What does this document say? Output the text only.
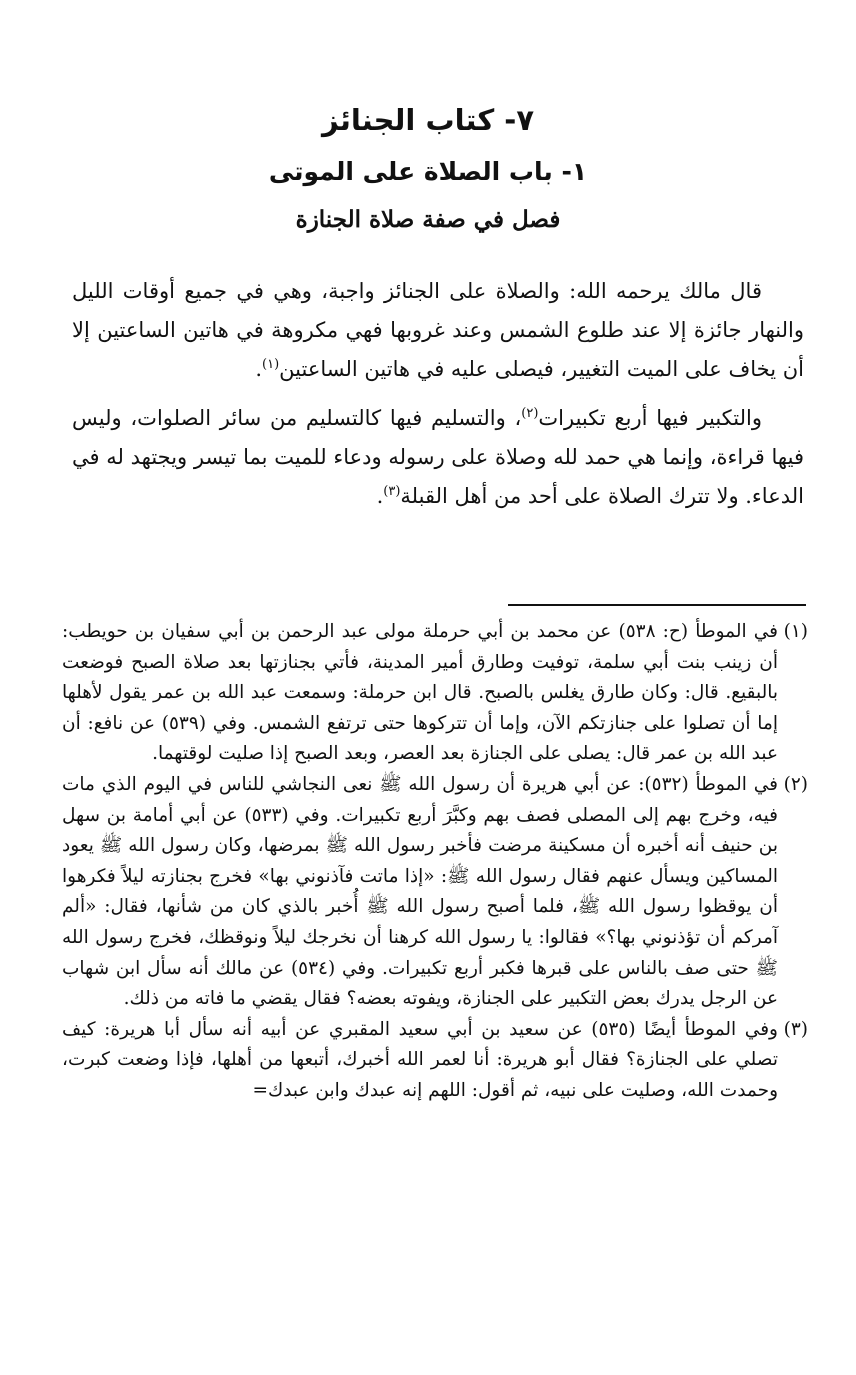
٧- كتاب الجنائز
١- باب الصلاة على الموتى
فصل في صفة صلاة الجنازة

قال مالك يرحمه الله: والصلاة على الجنائز واجبة، وهي في جميع أوقات الليل والنهار جائزة إلا عند طلوع الشمس وعند غروبها فهي مكروهة في هاتين الساعتين إلا أن يخاف على الميت التغيير، فيصلى عليه في هاتين الساعتين$^{(١)}$.

والتكبير فيها أربع تكبيرات$^{(٢)}$، والتسليم فيها كالتسليم من سائر الصلوات، وليس فيها قراءة، وإنما هي حمد لله وصلاة على رسوله ودعاء للميت بما تيسر ويجتهد له في الدعاء. ولا تترك الصلاة على أحد من أهل القبلة$^{(٣)}$.

(١)
في الموطأ (ح: ٥٣٨) عن محمد بن أبي حرملة مولى عبد الرحمن بن أبي سفيان بن حويطب: أن زينب بنت أبي سلمة، توفيت وطارق أمير المدينة، فأتي بجنازتها بعد صلاة الصبح فوضعت بالبقيع. قال: وكان طارق يغلس بالصبح. قال ابن حرملة: وسمعت عبد الله بن عمر يقول لأهلها إما أن تصلوا على جنازتكم الآن، وإما أن تتركوها حتى ترتفع الشمس. وفي (٥٣٩) عن نافع: أن عبد الله بن عمر قال: يصلى على الجنازة بعد العصر، وبعد الصبح إذا صليت لوقتهما.

(٢)
في الموطأ (٥٣٢): عن أبي هريرة أن رسول الله ﷺ نعى النجاشي للناس في اليوم الذي مات فيه، وخرج بهم إلى المصلى فصف بهم وكبَّرَ أربع تكبيرات. وفي (٥٣٣) عن أبي أمامة بن سهل بن حنيف أنه أخبره أن مسكينة مرضت فأخبر رسول الله ﷺ بمرضها، وكان رسول الله ﷺ يعود المساكين ويسأل عنهم فقال رسول الله ﷺ: «إذا ماتت فآذنوني بها» فخرج بجنازته ليلاً فكرهوا أن يوقظوا رسول الله ﷺ، فلما أصبح رسول الله ﷺ أُخبر بالذي كان من شأنها، فقال: «ألم آمركم أن تؤذنوني بها؟» فقالوا: يا رسول الله كرهنا أن نخرجك ليلاً ونوقظك، فخرج رسول الله ﷺ حتى صف بالناس على قبرها فكبر أربع تكبيرات. وفي (٥٣٤) عن مالك أنه سأل ابن شهاب عن الرجل يدرك بعض التكبير على الجنازة، ويفوته بعضه؟ فقال يقضي ما فاته من ذلك.

(٣)
وفي الموطأ أيضًا (٥٣٥) عن سعيد بن أبي سعيد المقبري عن أبيه أنه سأل أبا هريرة: كيف تصلي على الجنازة؟ فقال أبو هريرة: أنا لعمر الله أخبرك، أتبعها من أهلها، فإذا وضعت كبرت، وحمدت الله، وصليت على نبيه، ثم أقول: اللهم إنه عبدك وابن عبدك=
